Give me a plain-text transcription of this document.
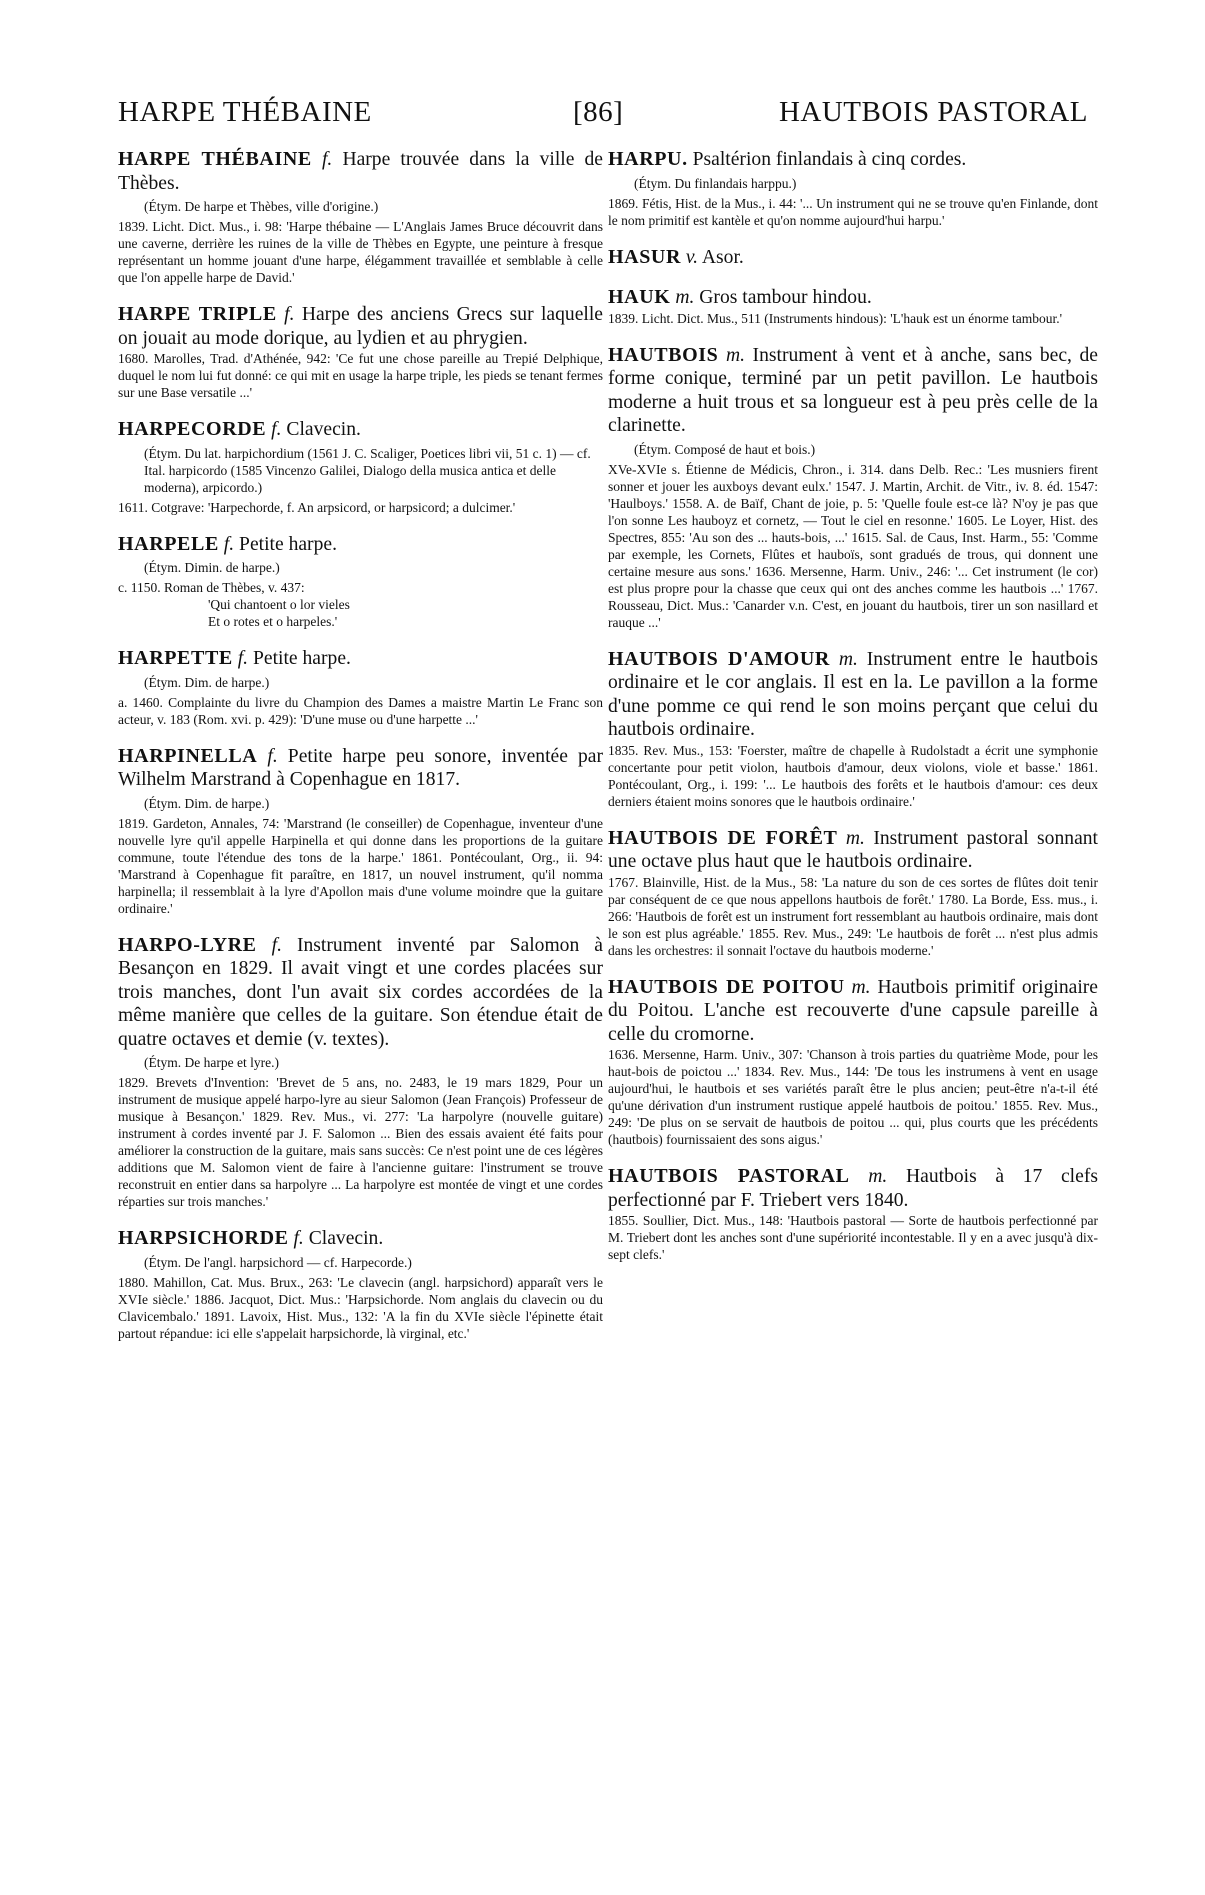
HARPE THÉBAINE	[86]	HAUTBOIS PASTORAL

HARPE THÉBAINE f. Harpe trouvée dans la ville de Thèbes.

(Étym. De harpe et Thèbes, ville d'origine.)

1839. Licht. Dict. Mus., i. 98: 'Harpe thébaine — L'Anglais James Bruce découvrit dans une caverne, derrière les ruines de la ville de Thèbes en Egypte, une peinture à fresque représentant un homme jouant d'une harpe, élégamment travaillée et semblable à celle que l'on appelle harpe de David.'

HARPE TRIPLE f. Harpe des anciens Grecs sur laquelle on jouait au mode dorique, au lydien et au phrygien.

1680. Marolles, Trad. d'Athénée, 942: 'Ce fut une chose pareille au Trepié Delphique, duquel le nom lui fut donné: ce qui mit en usage la harpe triple, les pieds se tenant fermes sur une Base versatile ...'

HARPECORDE f. Clavecin.

(Étym. Du lat. harpichordium (1561 J. C. Scaliger, Poetices libri vii, 51 c. 1) — cf. Ital. harpicordo (1585 Vincenzo Galilei, Dialogo della musica antica et delle moderna), arpicordo.)

1611. Cotgrave: 'Harpechorde, f. An arpsicord, or harpsicord; a dulcimer.'

HARPELE f. Petite harpe.

(Étym. Dimin. de harpe.)

c. 1150. Roman de Thèbes, v. 437:

'Qui chantoent o lor vieles

Et o rotes et o harpeles.'

HARPETTE f. Petite harpe.

(Étym. Dim. de harpe.)

a. 1460. Complainte du livre du Champion des Dames a maistre Martin Le Franc son acteur, v. 183 (Rom. xvi. p. 429): 'D'une muse ou d'une harpette ...'

HARPINELLA f. Petite harpe peu sonore, inventée par Wilhelm Marstrand à Copenhague en 1817.

(Étym. Dim. de harpe.)

1819. Gardeton, Annales, 74: 'Marstrand (le conseiller) de Copenhague, inventeur d'une nouvelle lyre qu'il appelle Harpinella et qui donne dans les proportions de la guitare commune, toute l'étendue des tons de la harpe.' 1861. Pontécoulant, Org., ii. 94: 'Marstrand à Copenhague fit paraître, en 1817, un nouvel instrument, qu'il nomma harpinella; il ressemblait à la lyre d'Apollon mais d'une volume moindre que la guitare ordinaire.'

HARPO-LYRE f. Instrument inventé par Salomon à Besançon en 1829. Il avait vingt et une cordes placées sur trois manches, dont l'un avait six cordes accordées de la même manière que celles de la guitare. Son étendue était de quatre octaves et demie (v. textes).

(Étym. De harpe et lyre.)

1829. Brevets d'Invention: 'Brevet de 5 ans, no. 2483, le 19 mars 1829, Pour un instrument de musique appelé harpo-lyre au sieur Salomon (Jean François) Professeur de musique à Besançon.' 1829. Rev. Mus., vi. 277: 'La harpolyre (nouvelle guitare) instrument à cordes inventé par J. F. Salomon ... Bien des essais avaient été faits pour améliorer la construction de la guitare, mais sans succès: Ce n'est point une de ces légères additions que M. Salomon vient de faire à l'ancienne guitare: l'instrument se trouve reconstruit en entier dans sa harpolyre ... La harpolyre est montée de vingt et une cordes réparties sur trois manches.'

HARPSICHORDE f. Clavecin.

(Étym. De l'angl. harpsichord — cf. Harpecorde.)

1880. Mahillon, Cat. Mus. Brux., 263: 'Le clavecin (angl. harpsichord) apparaît vers le XVIe siècle.' 1886. Jacquot, Dict. Mus.: 'Harpsichorde. Nom anglais du clavecin ou du Clavicembalo.' 1891. Lavoix, Hist. Mus., 132: 'A la fin du XVIe siècle l'épinette était partout répandue: ici elle s'appelait harpsichorde, là virginal, etc.'

HARPU. Psaltérion finlandais à cinq cordes.

(Étym. Du finlandais harppu.)

1869. Fétis, Hist. de la Mus., i. 44: '... Un instrument qui ne se trouve qu'en Finlande, dont le nom primitif est kantèle et qu'on nomme aujourd'hui harpu.'

HASUR v. Asor.

HAUK m. Gros tambour hindou.

1839. Licht. Dict. Mus., 511 (Instruments hindous): 'L'hauk est un énorme tambour.'

HAUTBOIS m. Instrument à vent et à anche, sans bec, de forme conique, terminé par un petit pavillon. Le hautbois moderne a huit trous et sa longueur est à peu près celle de la clarinette.

(Étym. Composé de haut et bois.)

XVe-XVIe s. Étienne de Médicis, Chron., i. 314. dans Delb. Rec.: 'Les musniers firent sonner et jouer les auxboys devant eulx.' 1547. J. Martin, Archit. de Vitr., iv. 8. éd. 1547: 'Haulboys.' 1558. A. de Baïf, Chant de joie, p. 5: 'Quelle foule est-ce là? N'oy je pas que l'on sonne Les hauboyz et cornetz, — Tout le ciel en resonne.' 1605. Le Loyer, Hist. des Spectres, 855: 'Au son des ... hauts-bois, ...' 1615. Sal. de Caus, Inst. Harm., 55: 'Comme par exemple, les Cornets, Flûtes et hauboïs, sont gradués de trous, qui donnent une certaine mesure aus sons.' 1636. Mersenne, Harm. Univ., 246: '... Cet instrument (le cor) est plus propre pour la chasse que ceux qui ont des anches comme les hautbois ...' 1767. Rousseau, Dict. Mus.: 'Canarder v.n. C'est, en jouant du hautbois, tirer un son nasillard et rauque ...'

HAUTBOIS D'AMOUR m. Instrument entre le hautbois ordinaire et le cor anglais. Il est en la. Le pavillon a la forme d'une pomme ce qui rend le son moins perçant que celui du hautbois ordinaire.

1835. Rev. Mus., 153: 'Foerster, maître de chapelle à Rudolstadt a écrit une symphonie concertante pour petit violon, hautbois d'amour, deux violons, viole et basse.' 1861. Pontécoulant, Org., i. 199: '... Le hautbois des forêts et le hautbois d'amour: ces deux derniers étaient moins sonores que le hautbois ordinaire.'

HAUTBOIS DE FORÊT m. Instrument pastoral sonnant une octave plus haut que le hautbois ordinaire.

1767. Blainville, Hist. de la Mus., 58: 'La nature du son de ces sortes de flûtes doit tenir par conséquent de ce que nous appellons hautbois de forêt.' 1780. La Borde, Ess. mus., i. 266: 'Hautbois de forêt est un instrument fort ressemblant au hautbois ordinaire, mais dont le son est plus agréable.' 1855. Rev. Mus., 249: 'Le hautbois de forêt ... n'est plus admis dans les orchestres: il sonnait l'octave du hautbois moderne.'

HAUTBOIS DE POITOU m. Hautbois primitif originaire du Poitou. L'anche est recouverte d'une capsule pareille à celle du cromorne.

1636. Mersenne, Harm. Univ., 307: 'Chanson à trois parties du quatrième Mode, pour les haut-bois de poictou ...' 1834. Rev. Mus., 144: 'De tous les instrumens à vent en usage aujourd'hui, le hautbois et ses variétés paraît être le plus ancien; peut-être n'a-t-il été qu'une dérivation d'un instrument rustique appelé hautbois de poitou.' 1855. Rev. Mus., 249: 'De plus on se servait de hautbois de poitou ... qui, plus courts que les précédents (hautbois) fournissaient des sons aigus.'

HAUTBOIS PASTORAL m. Hautbois à 17 clefs perfectionné par F. Triebert vers 1840.

1855. Soullier, Dict. Mus., 148: 'Hautbois pastoral — Sorte de hautbois perfectionné par M. Triebert dont les anches sont d'une supériorité incontestable. Il y en a avec jusqu'à dix-sept clefs.'
